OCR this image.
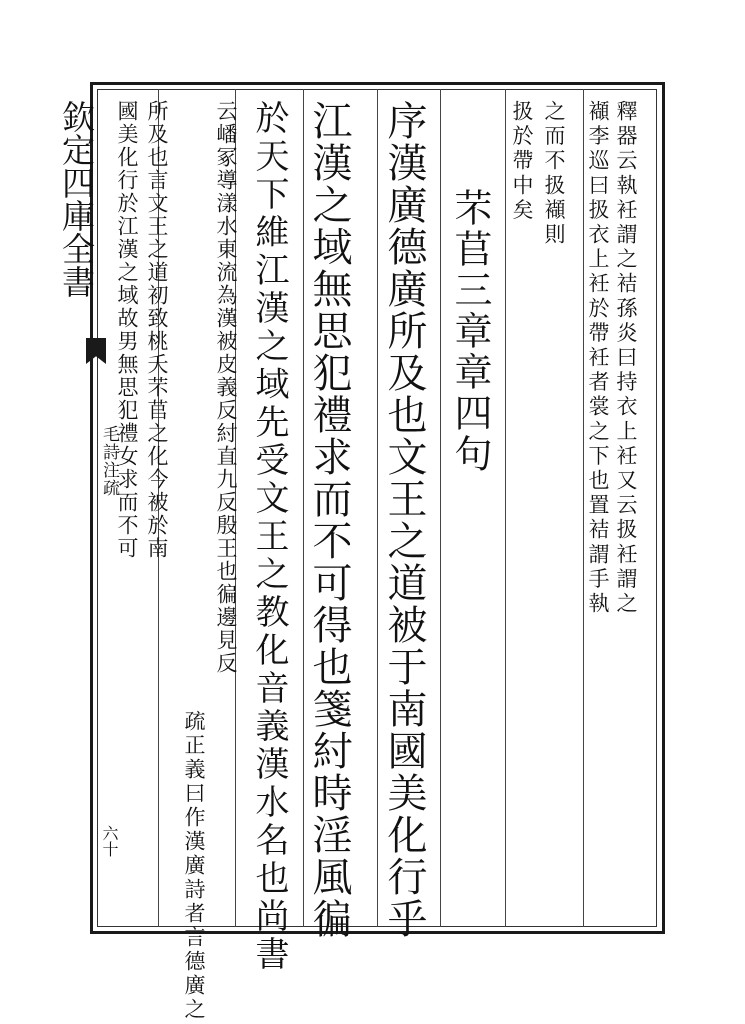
欽定四庫全書
毛詩注疏
六十
釋器云執衽謂之袺孫炎曰持衣上衽又云扱衽謂之
襭李巡曰扱衣上衽於帶衽者裳之下也置袺謂手執
之而不扱襭則
扱於帶中矣
芣苢三章章四句
序漢廣德廣所及也文王之道被于南國美化行乎
江漢之域無思犯禮求而不可得也箋紂時淫風徧
於天下維江漢之域先受文王之教化音義漢水名也尚書
云嶓冢導漾水東流為漢被皮義反紂直九反殷王也徧邊見反
疏正義曰作漢廣詩者言德廣之
所及也言文王之道初致桃夭芣苢之化今被於南
國美化行於江漢之域故男無思犯禮女求而不可
